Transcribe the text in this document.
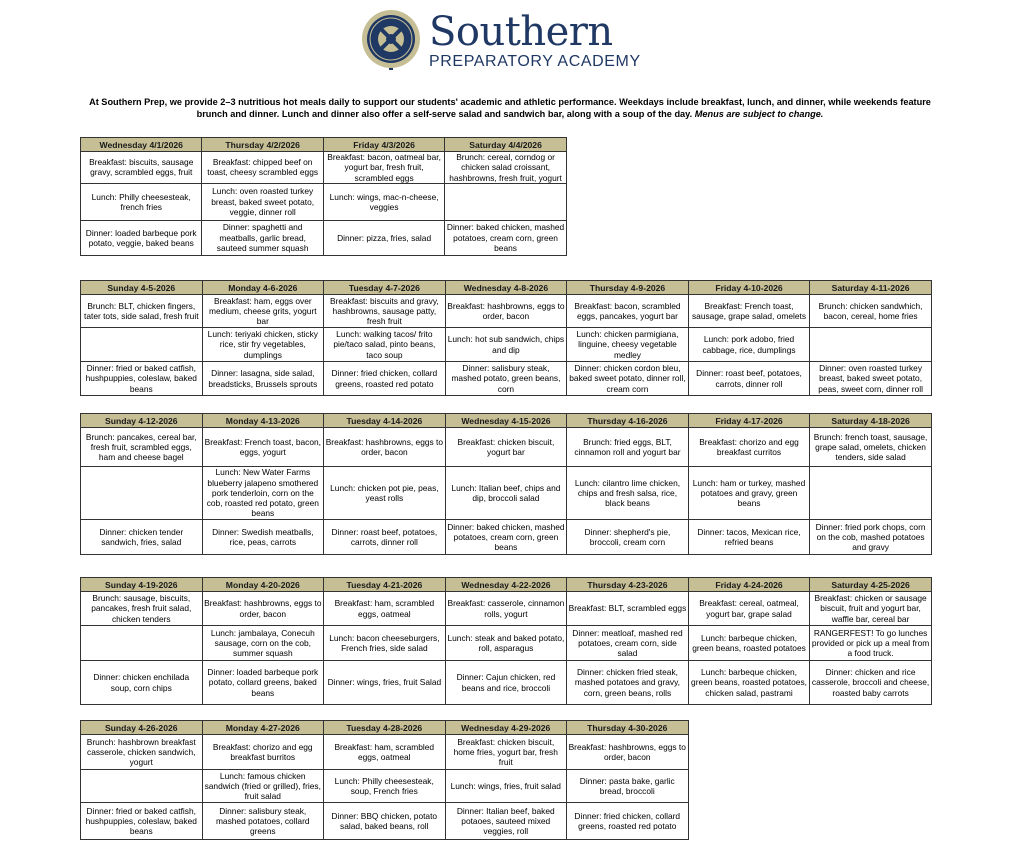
Southern
PREPARATORY ACADEMY
At Southern Prep, we provide 2–3 nutritious hot meals daily to support our students' academic and athletic performance. Weekdays include breakfast, lunch, and dinner, while weekends feature brunch and dinner. Lunch and dinner also offer a self-serve salad and sandwich bar, along with a soup of the day. Menus are subject to change.
Wednesday 4/1/2026	Thursday 4/2/2026	Friday 4/3/2026	Saturday 4/4/2026
Breakfast: biscuits, sausage gravy, scrambled eggs, fruit	Breakfast: chipped beef on toast, cheesy scrambled eggs	Breakfast: bacon, oatmeal bar, yogurt bar, fresh fruit, scrambled eggs	Brunch: cereal, corndog or chicken salad croissant, hashbrowns, fresh fruit, yogurt
Lunch: Philly cheesesteak, french fries	Lunch: oven roasted turkey breast, baked sweet potato, veggie, dinner roll	Lunch: wings, mac-n-cheese, veggies	
Dinner: loaded barbeque pork potato, veggie, baked beans	Dinner: spaghetti and meatballs, garlic bread, sauteed summer squash	Dinner: pizza, fries, salad	Dinner: baked chicken, mashed potatoes, cream corn, green beans
Sunday 4-5-2026	Monday 4-6-2026	Tuesday 4-7-2026	Wednesday 4-8-2026	Thursday 4-9-2026	Friday 4-10-2026	Saturday 4-11-2026
Brunch: BLT, chicken fingers, tater tots, side salad, fresh fruit	Breakfast: ham, eggs over medium, cheese grits, yogurt bar	Breakfast: biscuits and gravy, hashbrowns, sausage patty, fresh fruit	Breakfast: hashbrowns, eggs to order, bacon	Breakfast: bacon, scrambled eggs, pancakes, yogurt bar	Breakfast: French toast, sausage, grape salad, omelets	Brunch: chicken sandwhich, bacon, cereal, home fries
	Lunch: teriyaki chicken, sticky rice, stir fry vegetables, dumplings	Lunch: walking tacos/ frito pie/taco salad, pinto beans, taco soup	Lunch: hot sub sandwich, chips and dip	Lunch: chicken parmigiana, linguine, cheesy vegetable medley	Lunch: pork adobo, fried cabbage, rice, dumplings	
Dinner: fried or baked catfish, hushpuppies, coleslaw, baked beans	Dinner: lasagna, side salad, breadsticks, Brussels sprouts	Dinner: fried chicken, collard greens, roasted red potato	Dinner: salisbury steak, mashed potato, green beans, corn	Dinner: chicken cordon bleu, baked sweet potato, dinner roll, cream corn	Dinner: roast beef, potatoes, carrots, dinner roll	Dinner: oven roasted turkey breast, baked sweet potato, peas, sweet corn, dinner roll
Sunday 4-12-2026	Monday 4-13-2026	Tuesday 4-14-2026	Wednesday 4-15-2026	Thursday 4-16-2026	Friday 4-17-2026	Saturday 4-18-2026
Brunch: pancakes, cereal bar, fresh fruit, scrambled eggs, ham and cheese bagel	Breakfast: French toast, bacon, eggs, yogurt	Breakfast: hashbrowns, eggs to order, bacon	Breakfast: chicken biscuit, yogurt bar	Brunch: fried eggs, BLT, cinnamon roll and yogurt bar	Breakfast: chorizo and egg breakfast curritos	Brunch: french toast, sausage, grape salad, omelets, chicken tenders, side salad
	Lunch: New Water Farms blueberry jalapeno smothered pork tenderloin, corn on the cob, roasted red potato, green beans	Lunch: chicken pot pie, peas, yeast rolls	Lunch: Italian beef, chips and dip, broccoli salad	Lunch: cilantro lime chicken, chips and fresh salsa, rice, black beans	Lunch: ham or turkey, mashed potatoes and gravy, green beans	
Dinner: chicken tender sandwich, fries, salad	Dinner: Swedish meatballs, rice, peas, carrots	Dinner: roast beef, potatoes, carrots, dinner roll	Dinner: baked chicken, mashed potatoes, cream corn, green beans	Dinner: shepherd's pie, broccoli, cream corn	Dinner: tacos, Mexican rice, refried beans	Dinner: fried pork chops, corn on the cob, mashed potatoes and gravy
Sunday 4-19-2026	Monday 4-20-2026	Tuesday 4-21-2026	Wednesday 4-22-2026	Thursday 4-23-2026	Friday 4-24-2026	Saturday 4-25-2026
Brunch: sausage, biscuits, pancakes, fresh fruit salad, chicken tenders	Breakfast: hashbrowns, eggs to order, bacon	Breakfast: ham, scrambled eggs, oatmeal	Breakfast: casserole, cinnamon rolls, yogurt	Breakfast: BLT, scrambled eggs	Breakfast: cereal, oatmeal, yogurt bar, grape salad	Breakfast: chicken or sausage biscuit, fruit and yogurt bar, waffle bar, cereal bar
	Lunch: jambalaya, Conecuh sausage, corn on the cob, summer squash	Lunch: bacon cheeseburgers, French fries, side salad	Lunch: steak and baked potato, roll, asparagus	Dinner: meatloaf, mashed red potatoes, cream corn, side salad	Lunch: barbeque chicken, green beans, roasted potatoes	RANGERFEST! To go lunches provided or pick up a meal from a food truck.
Dinner: chicken enchilada soup, corn chips	Dinner: loaded barbeque pork potato, collard greens, baked beans	Dinner: wings, fries, fruit Salad	Dinner: Cajun chicken, red beans and rice, broccoli	Dinner: chicken fried steak, mashed potatoes and gravy, corn, green beans, rolls	Lunch: barbeque chicken, green beans, roasted potatoes, chicken salad, pastrami	Dinner: chicken and rice casserole, broccoli and cheese, roasted baby carrots
Sunday 4-26-2026	Monday 4-27-2026	Tuesday 4-28-2026	Wednesday 4-29-2026	Thursday 4-30-2026
Brunch: hashbrown breakfast casserole, chicken sandwich, yogurt	Breakfast: chorizo and egg breakfast burritos	Breakfast: ham, scrambled eggs, oatmeal	Breakfast: chicken biscuit, home fries, yogurt bar, fresh fruit	Breakfast: hashbrowns, eggs to order, bacon
	Lunch: famous chicken sandwich (fried or grilled), fries, fruit salad	Lunch: Philly cheesesteak, soup, French fries	Lunch: wings, fries, fruit salad	Dinner: pasta bake, garlic bread, broccoli
Dinner: fried or baked catfish, hushpuppies, coleslaw, baked beans	Dinner: salisbury steak, mashed potatoes, collard greens	Dinner: BBQ chicken, potato salad, baked beans, roll	Dinner: Italian beef, baked potaoes, sauteed mixed veggies, roll	Dinner: fried chicken, collard greens, roasted red potato
